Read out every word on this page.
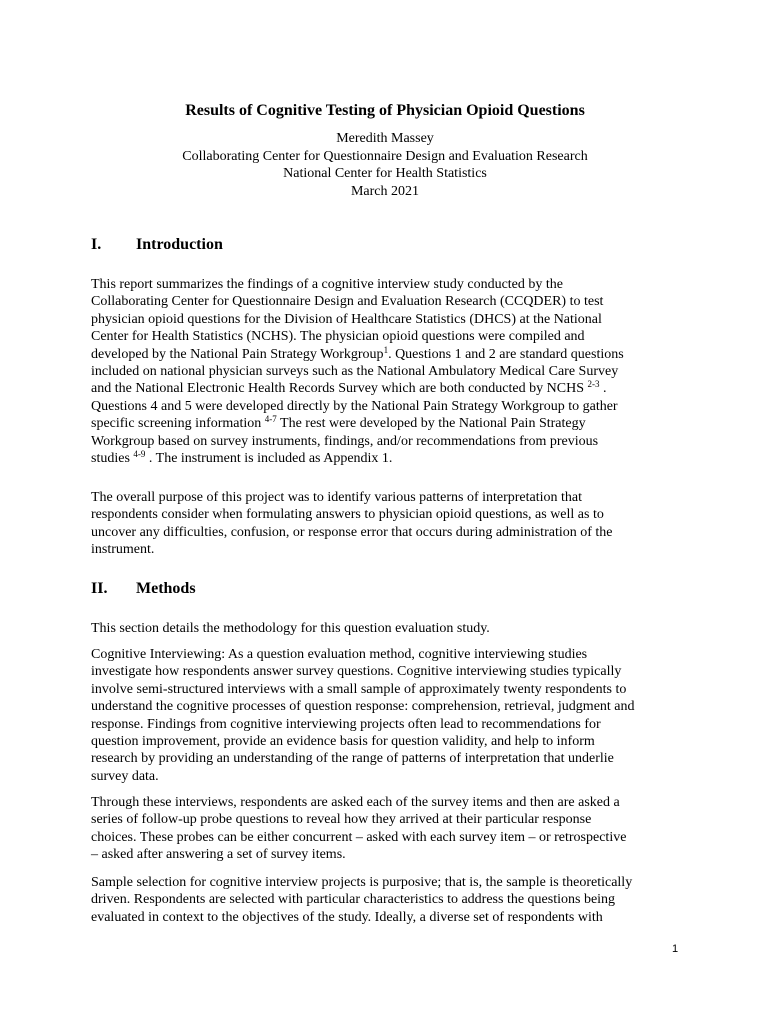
Results of Cognitive Testing of Physician Opioid Questions
Meredith Massey
Collaborating Center for Questionnaire Design and Evaluation Research
National Center for Health Statistics
March 2021
I. Introduction
This report summarizes the findings of a cognitive interview study conducted by the
Collaborating Center for Questionnaire Design and Evaluation Research (CCQDER) to test
physician opioid questions for the Division of Healthcare Statistics (DHCS) at the National
Center for Health Statistics (NCHS). The physician opioid questions were compiled and
developed by the National Pain Strategy Workgroup$^1$. Questions 1 and 2 are standard questions
included on national physician surveys such as the National Ambulatory Medical Care Survey
and the National Electronic Health Records Survey which are both conducted by NCHS $^{2-3}$ .
Questions 4 and 5 were developed directly by the National Pain Strategy Workgroup to gather
specific screening information $^{4-7}$ The rest were developed by the National Pain Strategy
Workgroup based on survey instruments, findings, and/or recommendations from previous
studies $^{4-9}$ . The instrument is included as Appendix 1.
The overall purpose of this project was to identify various patterns of interpretation that
respondents consider when formulating answers to physician opioid questions, as well as to
uncover any difficulties, confusion, or response error that occurs during administration of the
instrument.
II. Methods
This section details the methodology for this question evaluation study.
Cognitive Interviewing: As a question evaluation method, cognitive interviewing studies
investigate how respondents answer survey questions. Cognitive interviewing studies typically
involve semi-structured interviews with a small sample of approximately twenty respondents to
understand the cognitive processes of question response: comprehension, retrieval, judgment and
response. Findings from cognitive interviewing projects often lead to recommendations for
question improvement, provide an evidence basis for question validity, and help to inform
research by providing an understanding of the range of patterns of interpretation that underlie
survey data.
Through these interviews, respondents are asked each of the survey items and then are asked a
series of follow-up probe questions to reveal how they arrived at their particular response
choices. These probes can be either concurrent – asked with each survey item – or retrospective
– asked after answering a set of survey items.
Sample selection for cognitive interview projects is purposive; that is, the sample is theoretically
driven. Respondents are selected with particular characteristics to address the questions being
evaluated in context to the objectives of the study. Ideally, a diverse set of respondents with
1
